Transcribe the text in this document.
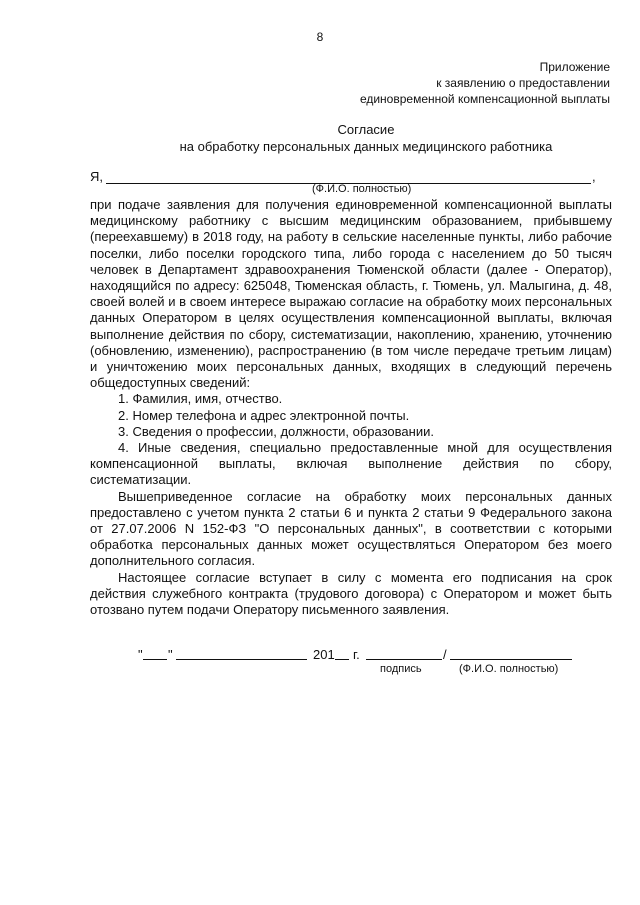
8
Приложение
к заявлению о предоставлении
единовременной компенсационной выплаты
Согласие
на обработку персональных данных медицинского работника
Я,	,
(Ф.И.О. полностью)

при подаче заявления для получения единовременной компенсационной выплаты медицинскому работнику с высшим медицинским образованием, прибывшему (переехавшему) в 2018 году, на работу в сельские населенные пункты, либо рабочие поселки, либо поселки городского типа, либо города с населением до 50 тысяч человек в Департамент здравоохранения Тюменской области (далее - Оператор), находящийся по адресу: 625048, Тюменская область, г. Тюмень, ул. Малыгина, д. 48, своей волей и в своем интересе выражаю согласие на обработку моих персональных данных Оператором в целях осуществления компенсационной выплаты, включая выполнение действия по сбору, систематизации, накоплению, хранению, уточнению (обновлению, изменению), распространению (в том числе передаче третьим лицам) и уничтожению моих персональных данных, входящих в следующий перечень общедоступных сведений:

1. Фамилия, имя, отчество.

2. Номер телефона и адрес электронной почты.

3. Сведения о профессии, должности, образовании.

4. Иные сведения, специально предоставленные мной для осуществления компенсационной выплаты, включая выполнение действия по сбору, систематизации.

Вышеприведенное согласие на обработку моих персональных данных предоставлено с учетом пункта 2 статьи 6 и пункта 2 статьи 9 Федерального закона от 27.07.2006 N 152-ФЗ "О персональных данных", в соответствии с которыми обработка персональных данных может осуществляться Оператором без моего дополнительного согласия.

Настоящее согласие вступает в силу с момента его подписания на срок действия служебного контракта (трудового договора) с Оператором и может быть отозвано путем подачи Оператору письменного заявления.

" "	201 г.	/
подпись	(Ф.И.О. полностью)
